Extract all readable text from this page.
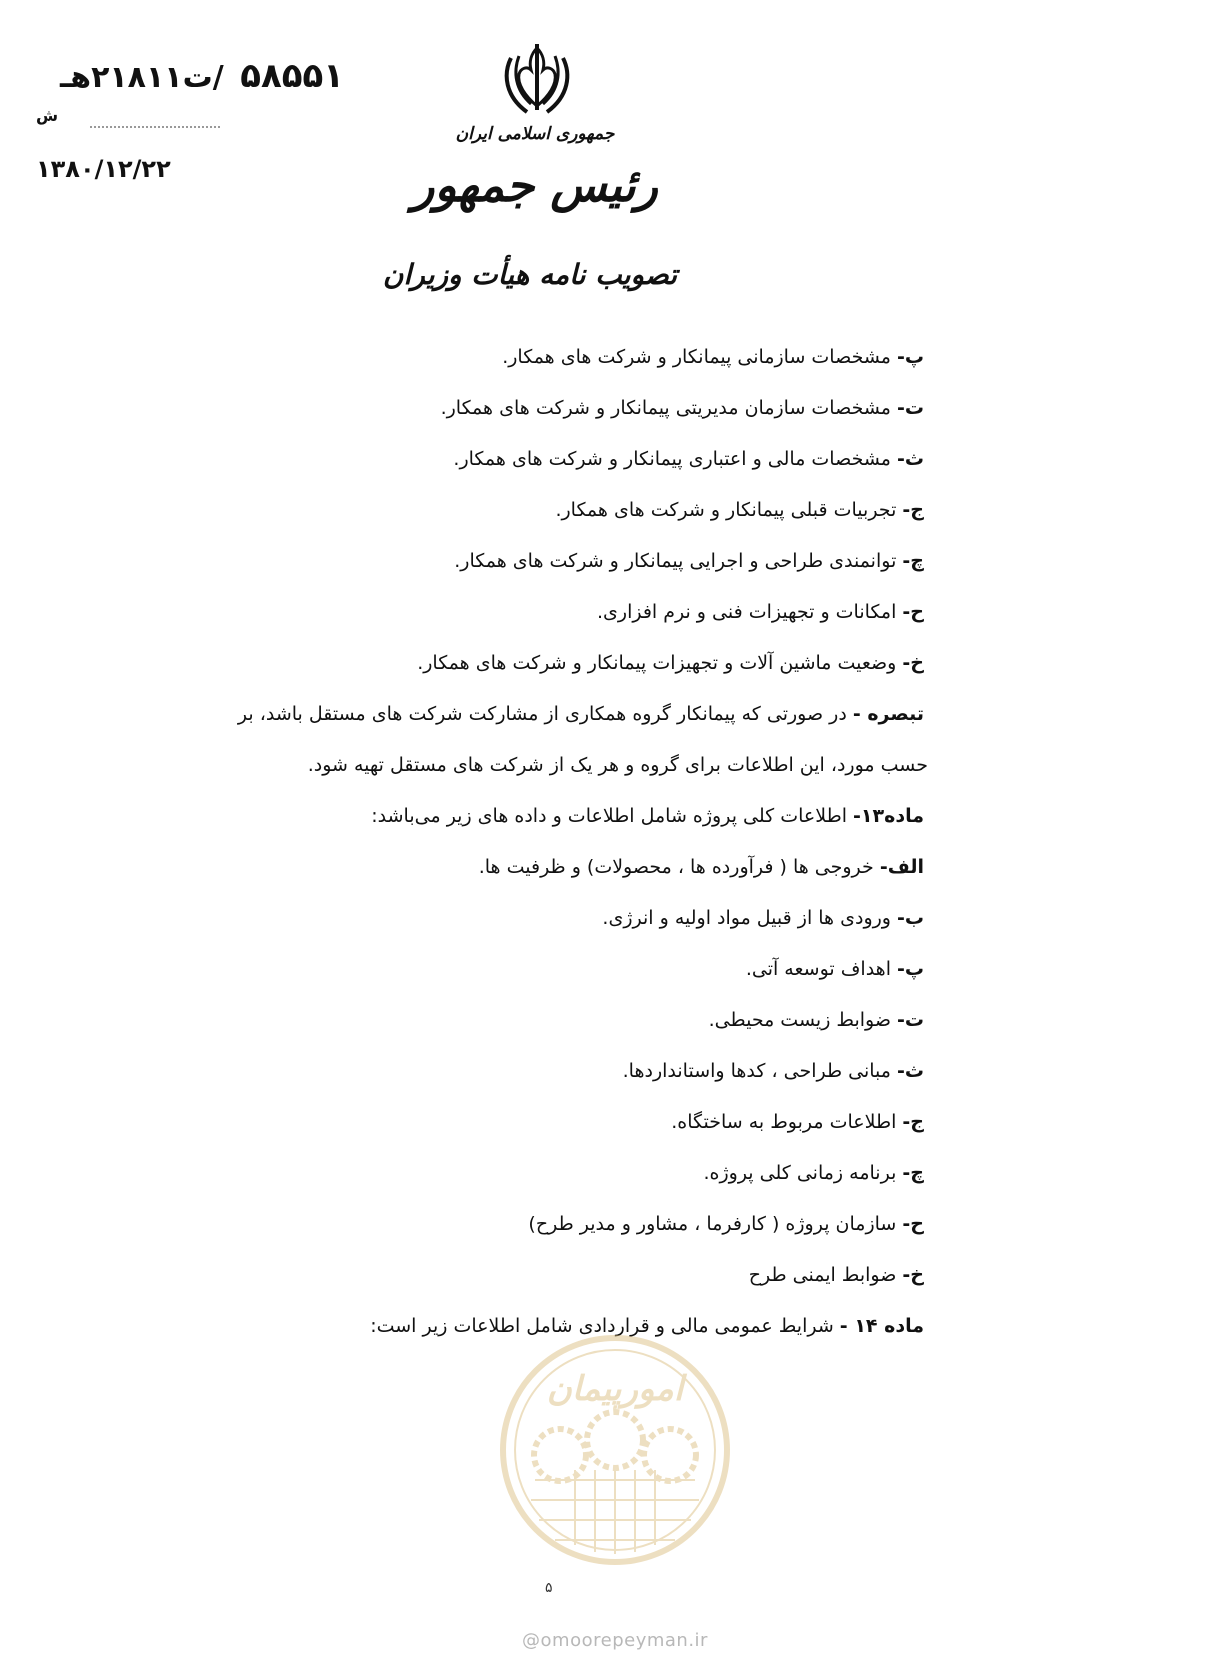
۵۸۵۵۱ /ت۲۱۸۱۱هـ
ش
۱۳۸۰/۱۲/۲۲
جمهوری اسلامی ایران
رئیس جمهور
تصویب نامه هیأت وزیران
پ- مشخصات سازمانی پیمانکار و شرکت های همکار.
ت- مشخصات سازمان مدیریتی پیمانکار و شرکت های همکار.
ث- مشخصات مالی و اعتباری پیمانکار و شرکت های همکار.
ج- تجربیات قبلی پیمانکار و شرکت های همکار.
چ- توانمندی طراحی و اجرایی پیمانکار و شرکت های همکار.
ح- امکانات و تجهیزات فنی و نرم افزاری.
خ- وضعیت ماشین آلات و تجهیزات پیمانکار و شرکت های همکار.
تبصره - در صورتی که پیمانکار گروه همکاری از مشارکت شرکت های مستقل باشد، بر
حسب مورد، این اطلاعات برای گروه و هر یک از شرکت های مستقل تهیه شود.
ماده۱۳- اطلاعات کلی پروژه شامل اطلاعات و داده های زیر می‌باشد:
الف- خروجی ها ( فرآورده ها ، محصولات) و ظرفیت ها.
ب- ورودی ها از قبیل مواد اولیه و انرژی.
پ- اهداف توسعه آتی.
ت- ضوابط زیست محیطی.
ث- مبانی طراحی ، کدها واستانداردها.
ج- اطلاعات مربوط به ساختگاه.
چ- برنامه زمانی کلی پروژه.
ح- سازمان پروژه ( کارفرما ، مشاور و مدیر طرح)
خ- ضوابط ایمنی طرح
ماده ۱۴ - شرایط عمومی مالی و قراردادی شامل اطلاعات زیر است:
امورپیمان
۵
@omoorepeyman.ir
